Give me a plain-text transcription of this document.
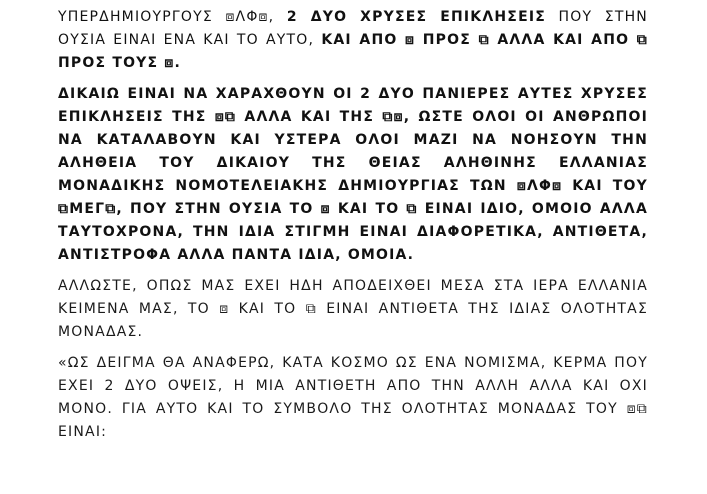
ΥΠΕΡΔΗΜΙΟΥΡΓΟΥΣ ⧈ΛΦ⧈, 2 ΔΥΟ ΧΡΥΣΕΣ ΕΠΙΚΛΗΣΕΙΣ ΠΟΥ ΣΤΗΝ ΟΥΣΙΑ ΕΙΝΑΙ ΕΝΑ ΚΑΙ ΤΟ ΑΥΤΟ, ΚΑΙ ΑΠΟ ⧈ ΠΡΟΣ ⧉ ΑΛΛΑ ΚΑΙ ΑΠΟ ⧉ ΠΡΟΣ ΤΟΥΣ ⧈.

ΔΙΚΑΙΩ ΕΙΝΑΙ ΝΑ ΧΑΡΑΧΘΟΥΝ ΟΙ 2 ΔΥΟ ΠΑΝΙΕΡΕΣ ΑΥΤΕΣ ΧΡΥΣΕΣ ΕΠΙΚΛΗΣΕΙΣ ΤΗΣ ⧈⧉ ΑΛΛΑ ΚΑΙ ΤΗΣ ⧉⧈, ΩΣΤΕ ΟΛΟΙ ΟΙ ΑΝΘΡΩΠΟΙ ΝΑ ΚΑΤΑΛΑΒΟΥΝ ΚΑΙ ΥΣΤΕΡΑ ΟΛΟΙ ΜΑΖΙ ΝΑ ΝΟΗΣΟΥΝ ΤΗΝ ΑΛΗΘΕΙΑ ΤΟΥ ΔΙΚΑΙΟΥ ΤΗΣ ΘΕΙΑΣ ΑΛΗΘΙΝΗΣ ΕΛΛΑΝΙΑΣ ΜΟΝΑΔΙΚΗΣ ΝΟΜΟΤΕΛΕΙΑΚΗΣ ΔΗΜΙΟΥΡΓΙΑΣ ΤΩΝ ⧈ΛΦ⧈ ΚΑΙ ΤΟΥ ⧉ΜΕΓ⧉, ΠΟΥ ΣΤΗΝ ΟΥΣΙΑ ΤΟ ⧈ ΚΑΙ ΤΟ ⧉ ΕΙΝΑΙ ΙΔΙΟ, ΟΜΟΙΟ ΑΛΛΑ ΤΑΥΤΟΧΡΟΝΑ, ΤΗΝ ΙΔΙΑ ΣΤΙΓΜΗ ΕΙΝΑΙ ΔΙΑΦΟΡΕΤΙΚΑ, ΑΝΤΙΘΕΤΑ, ΑΝΤΙΣΤΡΟΦΑ ΑΛΛΑ ΠΑΝΤΑ ΙΔΙΑ, ΟΜΟΙΑ.

ΑΛΛΩΣΤΕ, ΟΠΩΣ ΜΑΣ ΕΧΕΙ ΗΔΗ ΑΠΟΔΕΙΧΘΕΙ ΜΕΣΑ ΣΤΑ ΙΕΡΑ ΕΛΛΑΝΙΑ ΚΕΙΜΕΝΑ ΜΑΣ, ΤΟ ⧈ ΚΑΙ ΤΟ ⧉ ΕΙΝΑΙ ΑΝΤΙΘΕΤΑ ΤΗΣ ΙΔΙΑΣ ΟΛΟΤΗΤΑΣ ΜΟΝΑΔΑΣ.

«ΩΣ ΔΕΙΓΜΑ ΘΑ ΑΝΑΦΕΡΩ, ΚΑΤΑ ΚΟΣΜΟ ΩΣ ΕΝΑ ΝΟΜΙΣΜΑ, ΚΕΡΜΑ ΠΟΥ ΕΧΕΙ 2 ΔΥΟ ΟΨΕΙΣ, Η ΜΙΑ ΑΝΤΙΘΕΤΗ ΑΠΟ ΤΗΝ ΑΛΛΗ ΑΛΛΑ ΚΑΙ ΟΧΙ ΜΟΝΟ. ΓΙΑ ΑΥΤΟ ΚΑΙ ΤΟ ΣΥΜΒΟΛΟ ΤΗΣ ΟΛΟΤΗΤΑΣ ΜΟΝΑΔΑΣ ΤΟΥ ⧈⧉ ΕΙΝΑΙ:
